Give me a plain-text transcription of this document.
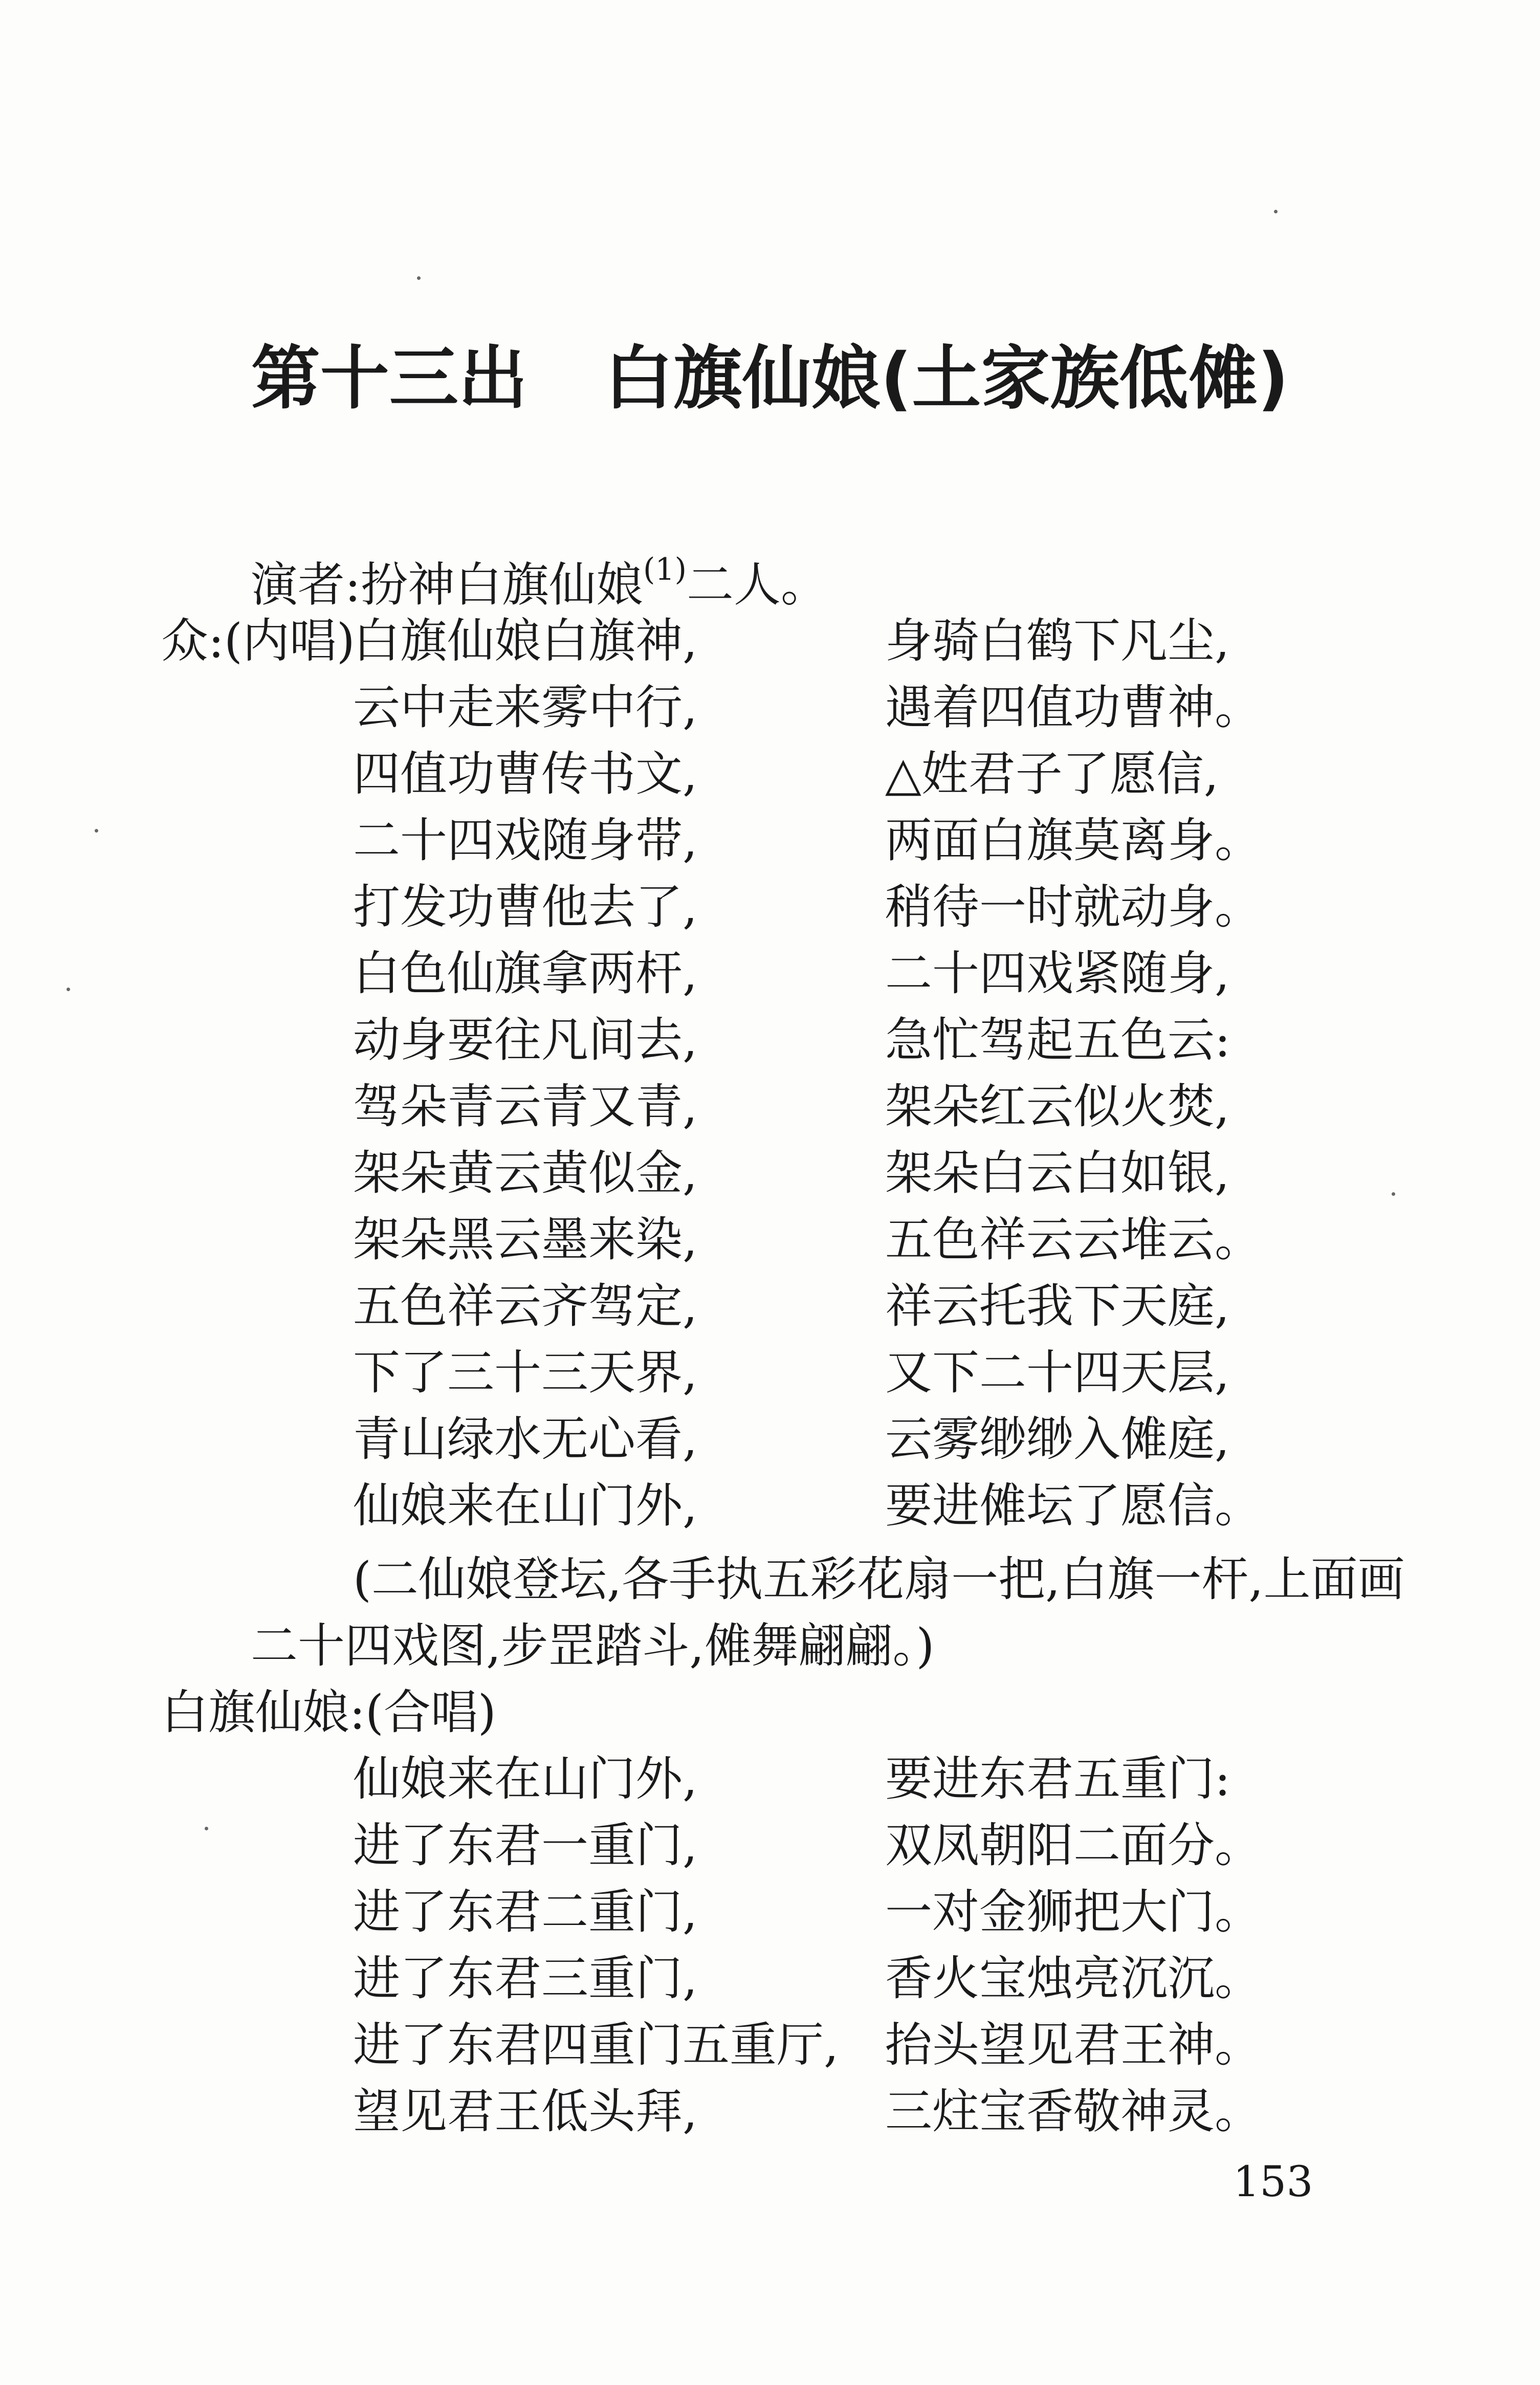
第十三出 白旗仙娘(土家族低傩)
演者:扮神白旗仙娘$^{(1)}$二人。
众:(内唱)
白旗仙娘白旗神,	身骑白鹤下凡尘,
云中走来雾中行,	遇着四值功曹神。
四值功曹传书文,	△姓君子了愿信,
二十四戏随身带,	两面白旗莫离身。
打发功曹他去了,	稍待一时就动身。
白色仙旗拿两杆,	二十四戏紧随身,
动身要往凡间去,	急忙驾起五色云:
驾朵青云青又青,	架朵红云似火焚,
架朵黄云黄似金,	架朵白云白如银,
架朵黑云墨来染,	五色祥云云堆云。
五色祥云齐驾定,	祥云托我下天庭,
下了三十三天界,	又下二十四天层,
青山绿水无心看,	云雾缈缈入傩庭,
仙娘来在山门外,	要进傩坛了愿信。
(二仙娘登坛,各手执五彩花扇一把,白旗一杆,上面画
二十四戏图,步罡踏斗,傩舞翩翩。)
白旗仙娘:(合唱)
仙娘来在山门外,	要进东君五重门:
进了东君一重门,	双凤朝阳二面分。
进了东君二重门,	一对金狮把大门。
进了东君三重门,	香火宝烛亮沉沉。
进了东君四重门五重厅, 抬头望见君王神。
望见君王低头拜,	三炷宝香敬神灵。
153
